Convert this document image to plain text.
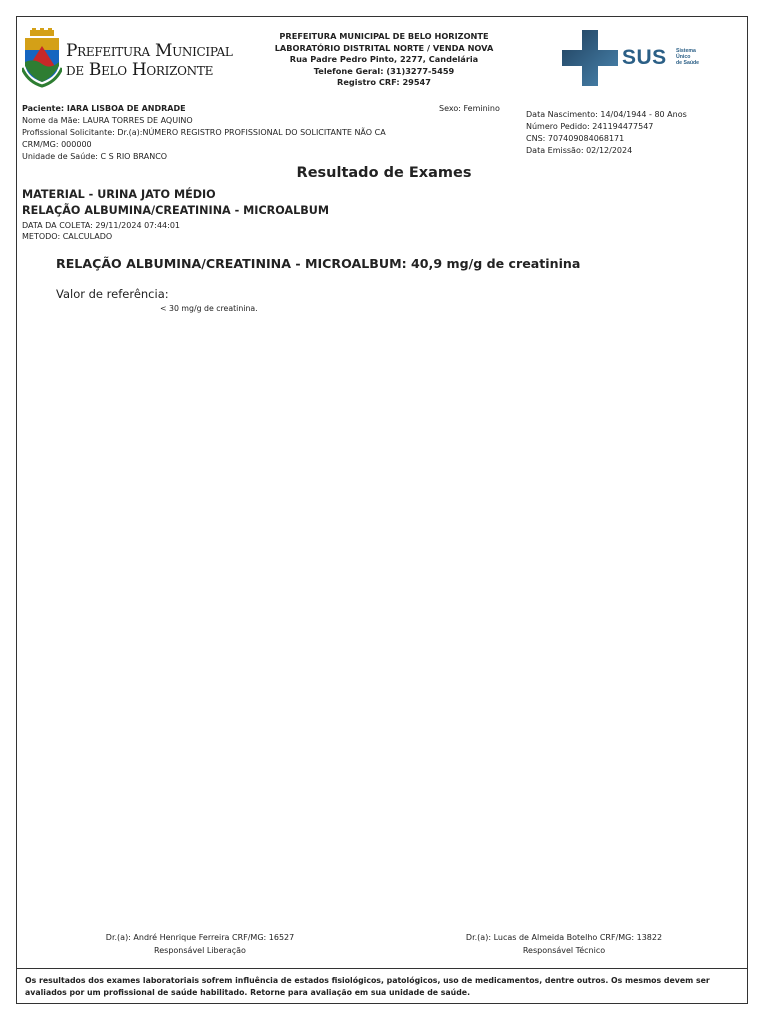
Prefeitura Municipal
de Belo Horizonte
PREFEITURA MUNICIPAL DE BELO HORIZONTE
LABORATÓRIO DISTRITAL NORTE / VENDA NOVA
Rua Padre Pedro Pinto, 2277, Candelária
Telefone Geral: (31)3277-5459
Registro CRF: 29547
SUS Sistema
Único
de Saúde
Paciente: IARA LISBOA DE ANDRADE
Nome da Mãe: LAURA TORRES DE AQUINO
Profissional Solicitante: Dr.(a):NÚMERO REGISTRO PROFISSIONAL DO SOLICITANTE NÃO CA
CRM/MG: 000000
Unidade de Saúde: C S RIO BRANCO
Sexo: Feminino
Data Nascimento: 14/04/1944 - 80 Anos
Número Pedido: 241194477547
CNS: 707409084068171
Data Emissão: 02/12/2024
Resultado de Exames
MATERIAL - URINA JATO MÉDIO
RELAÇÃO ALBUMINA/CREATININA - MICROALBUM
DATA DA COLETA: 29/11/2024 07:44:01
METODO: CALCULADO
RELAÇÃO ALBUMINA/CREATININA - MICROALBUM: 40,9 mg/g de creatinina
Valor de referência:
< 30 mg/g de creatinina.
Dr.(a): André Henrique Ferreira CRF/MG: 16527
Responsável Liberação
Dr.(a): Lucas de Almeida Botelho CRF/MG: 13822
Responsável Técnico
Os resultados dos exames laboratoriais sofrem influência de estados fisiológicos, patológicos, uso de medicamentos, dentre outros. Os mesmos devem ser avaliados por um profissional de saúde habilitado. Retorne para avaliação em sua unidade de saúde.
